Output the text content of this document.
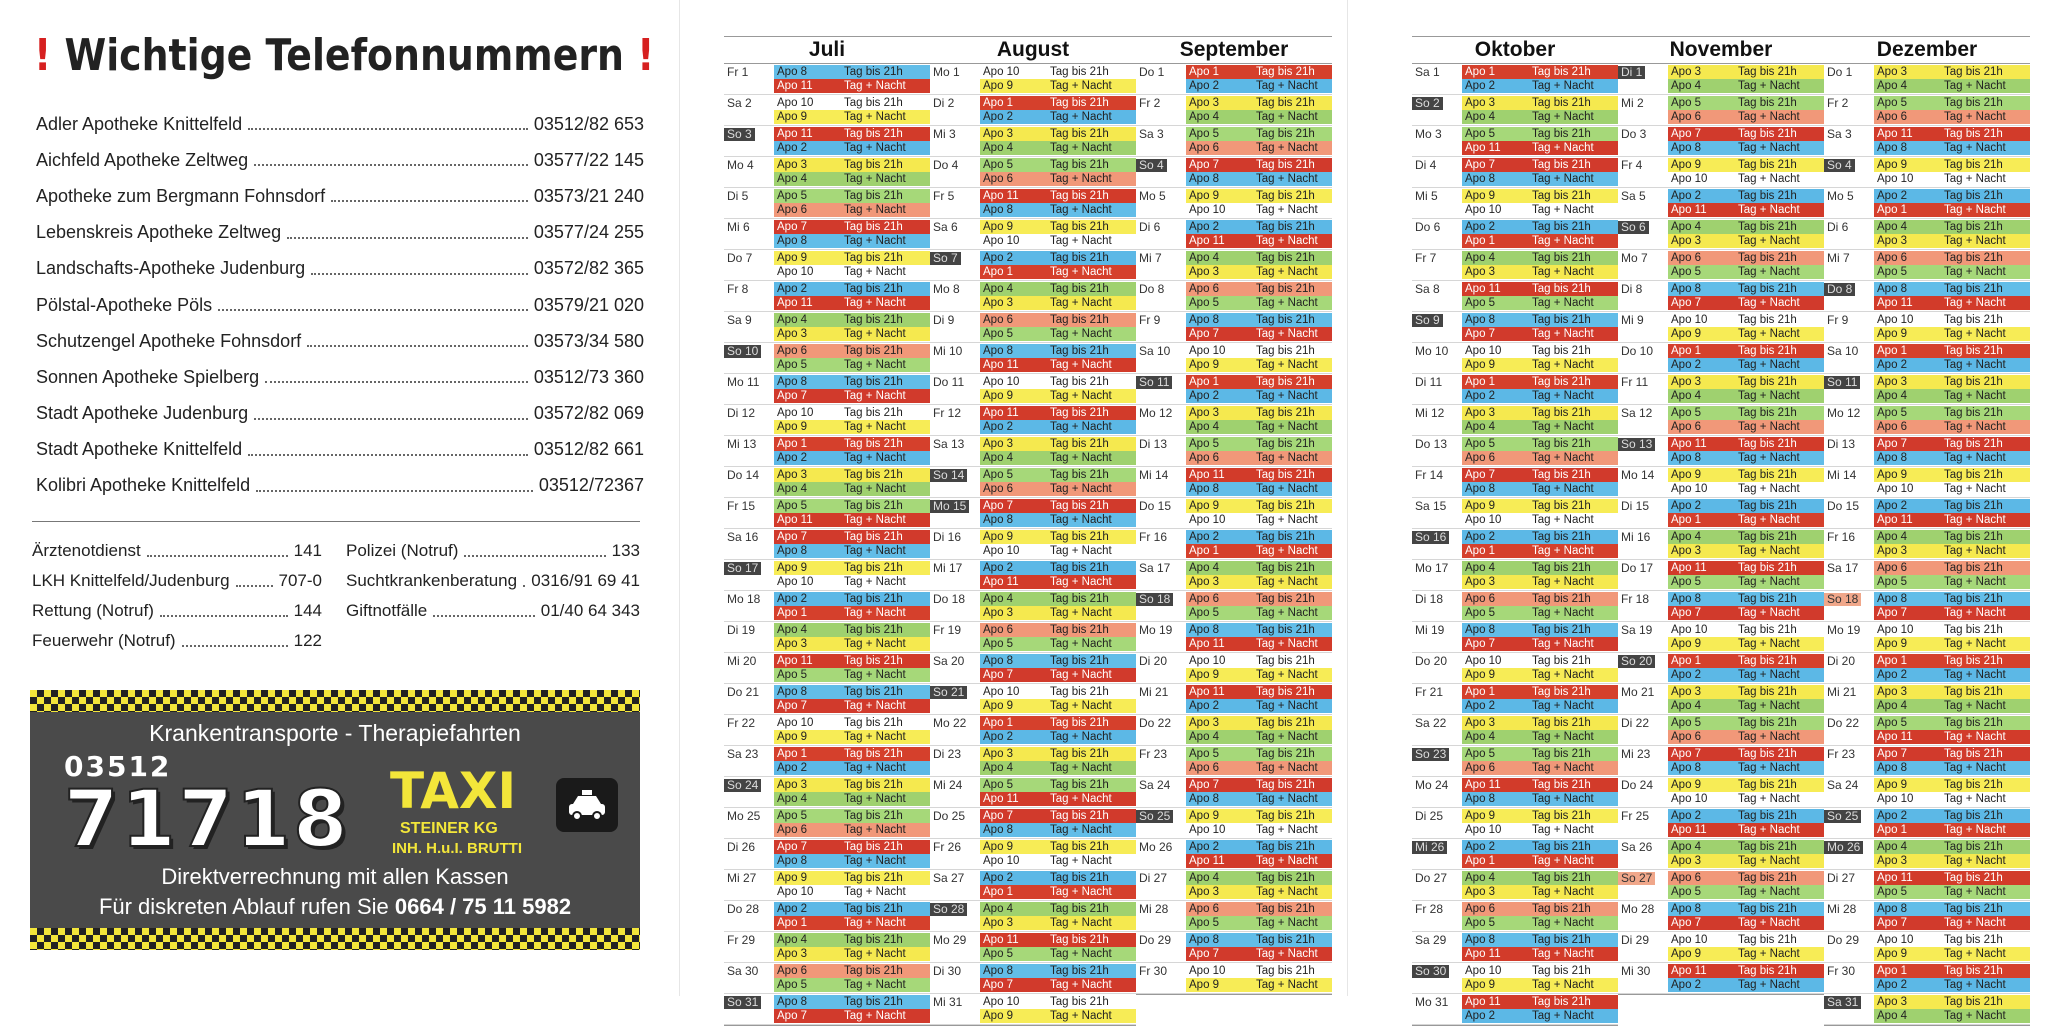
! Wichtige Telefonnummern !
Adler Apotheke Knittelfeld	03512/82 653
Aichfeld Apotheke Zeltweg	03577/22 145
Apotheke zum Bergmann Fohnsdorf	03573/21 240
Lebenskreis Apotheke Zeltweg	03577/24 255
Landschafts-Apotheke Judenburg	03572/82 365
Pölstal-Apotheke Pöls	03579/21 020
Schutzengel Apotheke Fohnsdorf	03573/34 580
Sonnen Apotheke Spielberg	03512/73 360
Stadt Apotheke Judenburg	03572/82 069
Stadt Apotheke Knittelfeld	03512/82 661
Kolibri Apotheke Knittelfeld	03512/72367
Ärztenotdienst	141
LKH Knittelfeld/Judenburg	707-0
Rettung (Notruf)	144
Feuerwehr (Notruf)	122
Polizei (Notruf)	133
Suchtkrankenberatung 0316/91 69 41
Giftnotfälle	01/40 64 343
Krankentransporte - Therapiefahrten
03512
71718 TAXI
STEINER KG
INH. H.u.I. BRUTTI
Direktverrechnung mit allen Kassen
Für diskreten Ablauf rufen Sie 0664 / 75 11 5982
Juli
Fr 1	Apo 8	Tag bis 21h
Apo 11	Tag + Nacht
Sa 2	Apo 10	Tag bis 21h
Apo 9	Tag + Nacht
So 3	Apo 11	Tag bis 21h
Apo 2	Tag + Nacht
Mo 4	Apo 3	Tag bis 21h
Apo 4	Tag + Nacht
Di 5	Apo 5	Tag bis 21h
Apo 6	Tag + Nacht
Mi 6	Apo 7	Tag bis 21h
Apo 8	Tag + Nacht
Do 7	Apo 9	Tag bis 21h
Apo 10	Tag + Nacht
Fr 8	Apo 2	Tag bis 21h
Apo 11	Tag + Nacht
Sa 9	Apo 4	Tag bis 21h
Apo 3	Tag + Nacht
So 10	Apo 6	Tag bis 21h
Apo 5	Tag + Nacht
Mo 11	Apo 8	Tag bis 21h
Apo 7	Tag + Nacht
Di 12	Apo 10	Tag bis 21h
Apo 9	Tag + Nacht
Mi 13	Apo 1	Tag bis 21h
Apo 2	Tag + Nacht
Do 14	Apo 3	Tag bis 21h
Apo 4	Tag + Nacht
Fr 15	Apo 5	Tag bis 21h
Apo 11	Tag + Nacht
Sa 16	Apo 7	Tag bis 21h
Apo 8	Tag + Nacht
So 17	Apo 9	Tag bis 21h
Apo 10	Tag + Nacht
Mo 18	Apo 2	Tag bis 21h
Apo 1	Tag + Nacht
Di 19	Apo 4	Tag bis 21h
Apo 3	Tag + Nacht
Mi 20	Apo 11	Tag bis 21h
Apo 5	Tag + Nacht
Do 21	Apo 8	Tag bis 21h
Apo 7	Tag + Nacht
Fr 22	Apo 10	Tag bis 21h
Apo 9	Tag + Nacht
Sa 23	Apo 1	Tag bis 21h
Apo 2	Tag + Nacht
So 24	Apo 3	Tag bis 21h
Apo 4	Tag + Nacht
Mo 25	Apo 5	Tag bis 21h
Apo 6	Tag + Nacht
Di 26	Apo 7	Tag bis 21h
Apo 8	Tag + Nacht
Mi 27	Apo 9	Tag bis 21h
Apo 10	Tag + Nacht
Do 28	Apo 2	Tag bis 21h
Apo 1	Tag + Nacht
Fr 29	Apo 4	Tag bis 21h
Apo 3	Tag + Nacht
Sa 30	Apo 6	Tag bis 21h
Apo 5	Tag + Nacht
So 31	Apo 8	Tag bis 21h
Apo 7	Tag + Nacht
August
Mo 1	Apo 10	Tag bis 21h
Apo 9	Tag + Nacht
Di 2	Apo 1	Tag bis 21h
Apo 2	Tag + Nacht
Mi 3	Apo 3	Tag bis 21h
Apo 4	Tag + Nacht
Do 4	Apo 5	Tag bis 21h
Apo 6	Tag + Nacht
Fr 5	Apo 11	Tag bis 21h
Apo 8	Tag + Nacht
Sa 6	Apo 9	Tag bis 21h
Apo 10	Tag + Nacht
So 7	Apo 2	Tag bis 21h
Apo 1	Tag + Nacht
Mo 8	Apo 4	Tag bis 21h
Apo 3	Tag + Nacht
Di 9	Apo 6	Tag bis 21h
Apo 5	Tag + Nacht
Mi 10	Apo 8	Tag bis 21h
Apo 11	Tag + Nacht
Do 11	Apo 10	Tag bis 21h
Apo 9	Tag + Nacht
Fr 12	Apo 11	Tag bis 21h
Apo 2	Tag + Nacht
Sa 13	Apo 3	Tag bis 21h
Apo 4	Tag + Nacht
So 14	Apo 5	Tag bis 21h
Apo 6	Tag + Nacht
Mo 15	Apo 7	Tag bis 21h
Apo 8	Tag + Nacht
Di 16	Apo 9	Tag bis 21h
Apo 10	Tag + Nacht
Mi 17	Apo 2	Tag bis 21h
Apo 11	Tag + Nacht
Do 18	Apo 4	Tag bis 21h
Apo 3	Tag + Nacht
Fr 19	Apo 6	Tag bis 21h
Apo 5	Tag + Nacht
Sa 20	Apo 8	Tag bis 21h
Apo 7	Tag + Nacht
So 21	Apo 10	Tag bis 21h
Apo 9	Tag + Nacht
Mo 22	Apo 1	Tag bis 21h
Apo 2	Tag + Nacht
Di 23	Apo 3	Tag bis 21h
Apo 4	Tag + Nacht
Mi 24	Apo 5	Tag bis 21h
Apo 11	Tag + Nacht
Do 25	Apo 7	Tag bis 21h
Apo 8	Tag + Nacht
Fr 26	Apo 9	Tag bis 21h
Apo 10	Tag + Nacht
Sa 27	Apo 2	Tag bis 21h
Apo 1	Tag + Nacht
So 28	Apo 4	Tag bis 21h
Apo 3	Tag + Nacht
Mo 29	Apo 11	Tag bis 21h
Apo 5	Tag + Nacht
Di 30	Apo 8	Tag bis 21h
Apo 7	Tag + Nacht
Mi 31	Apo 10	Tag bis 21h
Apo 9	Tag + Nacht
September
Do 1	Apo 1	Tag bis 21h
Apo 2	Tag + Nacht
Fr 2	Apo 3	Tag bis 21h
Apo 4	Tag + Nacht
Sa 3	Apo 5	Tag bis 21h
Apo 6	Tag + Nacht
So 4	Apo 7	Tag bis 21h
Apo 8	Tag + Nacht
Mo 5	Apo 9	Tag bis 21h
Apo 10	Tag + Nacht
Di 6	Apo 2	Tag bis 21h
Apo 11	Tag + Nacht
Mi 7	Apo 4	Tag bis 21h
Apo 3	Tag + Nacht
Do 8	Apo 6	Tag bis 21h
Apo 5	Tag + Nacht
Fr 9	Apo 8	Tag bis 21h
Apo 7	Tag + Nacht
Sa 10	Apo 10	Tag bis 21h
Apo 9	Tag + Nacht
So 11	Apo 1	Tag bis 21h
Apo 2	Tag + Nacht
Mo 12	Apo 3	Tag bis 21h
Apo 4	Tag + Nacht
Di 13	Apo 5	Tag bis 21h
Apo 6	Tag + Nacht
Mi 14	Apo 11	Tag bis 21h
Apo 8	Tag + Nacht
Do 15	Apo 9	Tag bis 21h
Apo 10	Tag + Nacht
Fr 16	Apo 2	Tag bis 21h
Apo 1	Tag + Nacht
Sa 17	Apo 4	Tag bis 21h
Apo 3	Tag + Nacht
So 18	Apo 6	Tag bis 21h
Apo 5	Tag + Nacht
Mo 19	Apo 8	Tag bis 21h
Apo 11	Tag + Nacht
Di 20	Apo 10	Tag bis 21h
Apo 9	Tag + Nacht
Mi 21	Apo 11	Tag bis 21h
Apo 2	Tag + Nacht
Do 22	Apo 3	Tag bis 21h
Apo 4	Tag + Nacht
Fr 23	Apo 5	Tag bis 21h
Apo 6	Tag + Nacht
Sa 24	Apo 7	Tag bis 21h
Apo 8	Tag + Nacht
So 25	Apo 9	Tag bis 21h
Apo 10	Tag + Nacht
Mo 26	Apo 2	Tag bis 21h
Apo 11	Tag + Nacht
Di 27	Apo 4	Tag bis 21h
Apo 3	Tag + Nacht
Mi 28	Apo 6	Tag bis 21h
Apo 5	Tag + Nacht
Do 29	Apo 8	Tag bis 21h
Apo 7	Tag + Nacht
Fr 30	Apo 10	Tag bis 21h
Apo 9	Tag + Nacht
Oktober
Sa 1	Apo 1	Tag bis 21h
Apo 2	Tag + Nacht
So 2	Apo 3	Tag bis 21h
Apo 4	Tag + Nacht
Mo 3	Apo 5	Tag bis 21h
Apo 11	Tag + Nacht
Di 4	Apo 7	Tag bis 21h
Apo 8	Tag + Nacht
Mi 5	Apo 9	Tag bis 21h
Apo 10	Tag + Nacht
Do 6	Apo 2	Tag bis 21h
Apo 1	Tag + Nacht
Fr 7	Apo 4	Tag bis 21h
Apo 3	Tag + Nacht
Sa 8	Apo 11	Tag bis 21h
Apo 5	Tag + Nacht
So 9	Apo 8	Tag bis 21h
Apo 7	Tag + Nacht
Mo 10	Apo 10	Tag bis 21h
Apo 9	Tag + Nacht
Di 11	Apo 1	Tag bis 21h
Apo 2	Tag + Nacht
Mi 12	Apo 3	Tag bis 21h
Apo 4	Tag + Nacht
Do 13	Apo 5	Tag bis 21h
Apo 6	Tag + Nacht
Fr 14	Apo 7	Tag bis 21h
Apo 8	Tag + Nacht
Sa 15	Apo 9	Tag bis 21h
Apo 10	Tag + Nacht
So 16	Apo 2	Tag bis 21h
Apo 1	Tag + Nacht
Mo 17	Apo 4	Tag bis 21h
Apo 3	Tag + Nacht
Di 18	Apo 6	Tag bis 21h
Apo 5	Tag + Nacht
Mi 19	Apo 8	Tag bis 21h
Apo 7	Tag + Nacht
Do 20	Apo 10	Tag bis 21h
Apo 9	Tag + Nacht
Fr 21	Apo 1	Tag bis 21h
Apo 2	Tag + Nacht
Sa 22	Apo 3	Tag bis 21h
Apo 4	Tag + Nacht
So 23	Apo 5	Tag bis 21h
Apo 6	Tag + Nacht
Mo 24	Apo 11	Tag bis 21h
Apo 8	Tag + Nacht
Di 25	Apo 9	Tag bis 21h
Apo 10	Tag + Nacht
Mi 26	Apo 2	Tag bis 21h
Apo 1	Tag + Nacht
Do 27	Apo 4	Tag bis 21h
Apo 3	Tag + Nacht
Fr 28	Apo 6	Tag bis 21h
Apo 5	Tag + Nacht
Sa 29	Apo 8	Tag bis 21h
Apo 11	Tag + Nacht
So 30	Apo 10	Tag bis 21h
Apo 9	Tag + Nacht
Mo 31	Apo 11	Tag bis 21h
Apo 2	Tag + Nacht
November
Di 1	Apo 3	Tag bis 21h
Apo 4	Tag + Nacht
Mi 2	Apo 5	Tag bis 21h
Apo 6	Tag + Nacht
Do 3	Apo 7	Tag bis 21h
Apo 8	Tag + Nacht
Fr 4	Apo 9	Tag bis 21h
Apo 10	Tag + Nacht
Sa 5	Apo 2	Tag bis 21h
Apo 11	Tag + Nacht
So 6	Apo 4	Tag bis 21h
Apo 3	Tag + Nacht
Mo 7	Apo 6	Tag bis 21h
Apo 5	Tag + Nacht
Di 8	Apo 8	Tag bis 21h
Apo 7	Tag + Nacht
Mi 9	Apo 10	Tag bis 21h
Apo 9	Tag + Nacht
Do 10	Apo 1	Tag bis 21h
Apo 2	Tag + Nacht
Fr 11	Apo 3	Tag bis 21h
Apo 4	Tag + Nacht
Sa 12	Apo 5	Tag bis 21h
Apo 6	Tag + Nacht
So 13	Apo 11	Tag bis 21h
Apo 8	Tag + Nacht
Mo 14	Apo 9	Tag bis 21h
Apo 10	Tag + Nacht
Di 15	Apo 2	Tag bis 21h
Apo 1	Tag + Nacht
Mi 16	Apo 4	Tag bis 21h
Apo 3	Tag + Nacht
Do 17	Apo 11	Tag bis 21h
Apo 5	Tag + Nacht
Fr 18	Apo 8	Tag bis 21h
Apo 7	Tag + Nacht
Sa 19	Apo 10	Tag bis 21h
Apo 9	Tag + Nacht
So 20	Apo 1	Tag bis 21h
Apo 2	Tag + Nacht
Mo 21	Apo 3	Tag bis 21h
Apo 4	Tag + Nacht
Di 22	Apo 5	Tag bis 21h
Apo 6	Tag + Nacht
Mi 23	Apo 7	Tag bis 21h
Apo 8	Tag + Nacht
Do 24	Apo 9	Tag bis 21h
Apo 10	Tag + Nacht
Fr 25	Apo 2	Tag bis 21h
Apo 11	Tag + Nacht
Sa 26	Apo 4	Tag bis 21h
Apo 3	Tag + Nacht
So 27	Apo 6	Tag bis 21h
Apo 5	Tag + Nacht
Mo 28	Apo 8	Tag bis 21h
Apo 7	Tag + Nacht
Di 29	Apo 10	Tag bis 21h
Apo 9	Tag + Nacht
Mi 30	Apo 11	Tag bis 21h
Apo 2	Tag + Nacht
Dezember
Do 1	Apo 3	Tag bis 21h
Apo 4	Tag + Nacht
Fr 2	Apo 5	Tag bis 21h
Apo 6	Tag + Nacht
Sa 3	Apo 11	Tag bis 21h
Apo 8	Tag + Nacht
So 4	Apo 9	Tag bis 21h
Apo 10	Tag + Nacht
Mo 5	Apo 2	Tag bis 21h
Apo 1	Tag + Nacht
Di 6	Apo 4	Tag bis 21h
Apo 3	Tag + Nacht
Mi 7	Apo 6	Tag bis 21h
Apo 5	Tag + Nacht
Do 8	Apo 8	Tag bis 21h
Apo 11	Tag + Nacht
Fr 9	Apo 10	Tag bis 21h
Apo 9	Tag + Nacht
Sa 10	Apo 1	Tag bis 21h
Apo 2	Tag + Nacht
So 11	Apo 3	Tag bis 21h
Apo 4	Tag + Nacht
Mo 12	Apo 5	Tag bis 21h
Apo 6	Tag + Nacht
Di 13	Apo 7	Tag bis 21h
Apo 8	Tag + Nacht
Mi 14	Apo 9	Tag bis 21h
Apo 10	Tag + Nacht
Do 15	Apo 2	Tag bis 21h
Apo 11	Tag + Nacht
Fr 16	Apo 4	Tag bis 21h
Apo 3	Tag + Nacht
Sa 17	Apo 6	Tag bis 21h
Apo 5	Tag + Nacht
So 18	Apo 8	Tag bis 21h
Apo 7	Tag + Nacht
Mo 19	Apo 10	Tag bis 21h
Apo 9	Tag + Nacht
Di 20	Apo 1	Tag bis 21h
Apo 2	Tag + Nacht
Mi 21	Apo 3	Tag bis 21h
Apo 4	Tag + Nacht
Do 22	Apo 5	Tag bis 21h
Apo 11	Tag + Nacht
Fr 23	Apo 7	Tag bis 21h
Apo 8	Tag + Nacht
Sa 24	Apo 9	Tag bis 21h
Apo 10	Tag + Nacht
So 25	Apo 2	Tag bis 21h
Apo 1	Tag + Nacht
Mo 26	Apo 4	Tag bis 21h
Apo 3	Tag + Nacht
Di 27	Apo 11	Tag bis 21h
Apo 5	Tag + Nacht
Mi 28	Apo 8	Tag bis 21h
Apo 7	Tag + Nacht
Do 29	Apo 10	Tag bis 21h
Apo 9	Tag + Nacht
Fr 30	Apo 1	Tag bis 21h
Apo 2	Tag + Nacht
Sa 31	Apo 3	Tag bis 21h
Apo 4	Tag + Nacht
